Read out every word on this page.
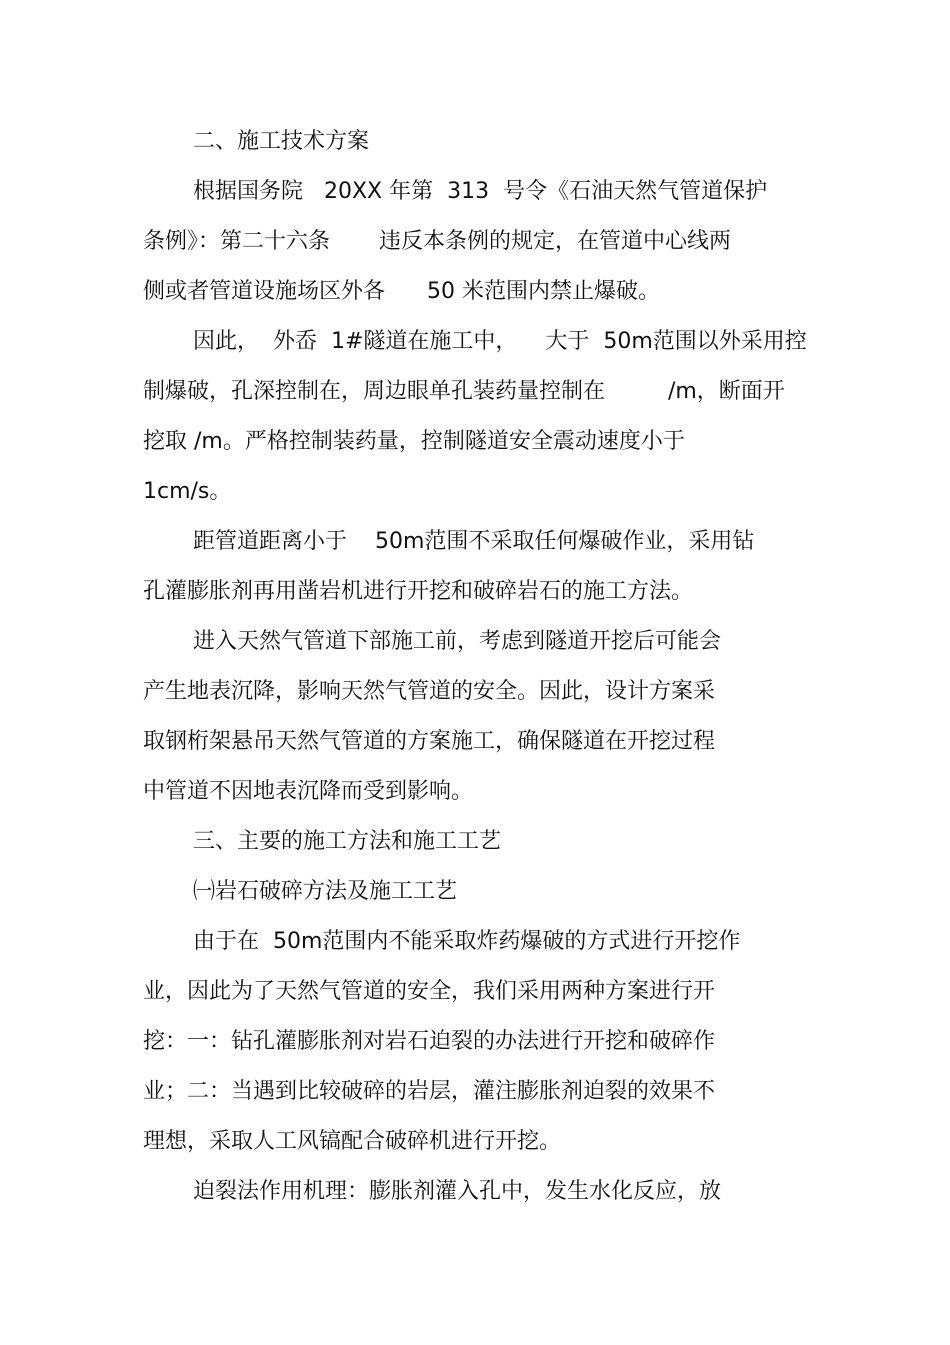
二、施工技术方案
根据国务院   20XX 年第  313  号令《石油天然气管道保护
条例》：第二十六条       违反本条例的规定，在管道中心线两
侧或者管道设施场区外各      50 米范围内禁止爆破。
因此，  外岙  1#隧道在施工中，    大于  50m范围以外采用控
制爆破，孔深控制在，周边眼单孔装药量控制在         /m，断面开
挖取 /m。严格控制装药量，控制隧道安全震动速度小于
1cm/s。
距管道距离小于    50m范围不采取任何爆破作业，采用钻
孔灌膨胀剂再用凿岩机进行开挖和破碎岩石的施工方法。
进入天然气管道下部施工前，考虑到隧道开挖后可能会
产生地表沉降，影响天然气管道的安全。因此，设计方案采
取钢桁架悬吊天然气管道的方案施工，确保隧道在开挖过程
中管道不因地表沉降而受到影响。
三、主要的施工方法和施工工艺
㈠岩石破碎方法及施工工艺
由于在  50m范围内不能采取炸药爆破的方式进行开挖作
业，因此为了天然气管道的安全，我们采用两种方案进行开
挖：一：钻孔灌膨胀剂对岩石迫裂的办法进行开挖和破碎作
业；二：当遇到比较破碎的岩层，灌注膨胀剂迫裂的效果不
理想，采取人工风镐配合破碎机进行开挖。
迫裂法作用机理：膨胀剂灌入孔中，发生水化反应，放
